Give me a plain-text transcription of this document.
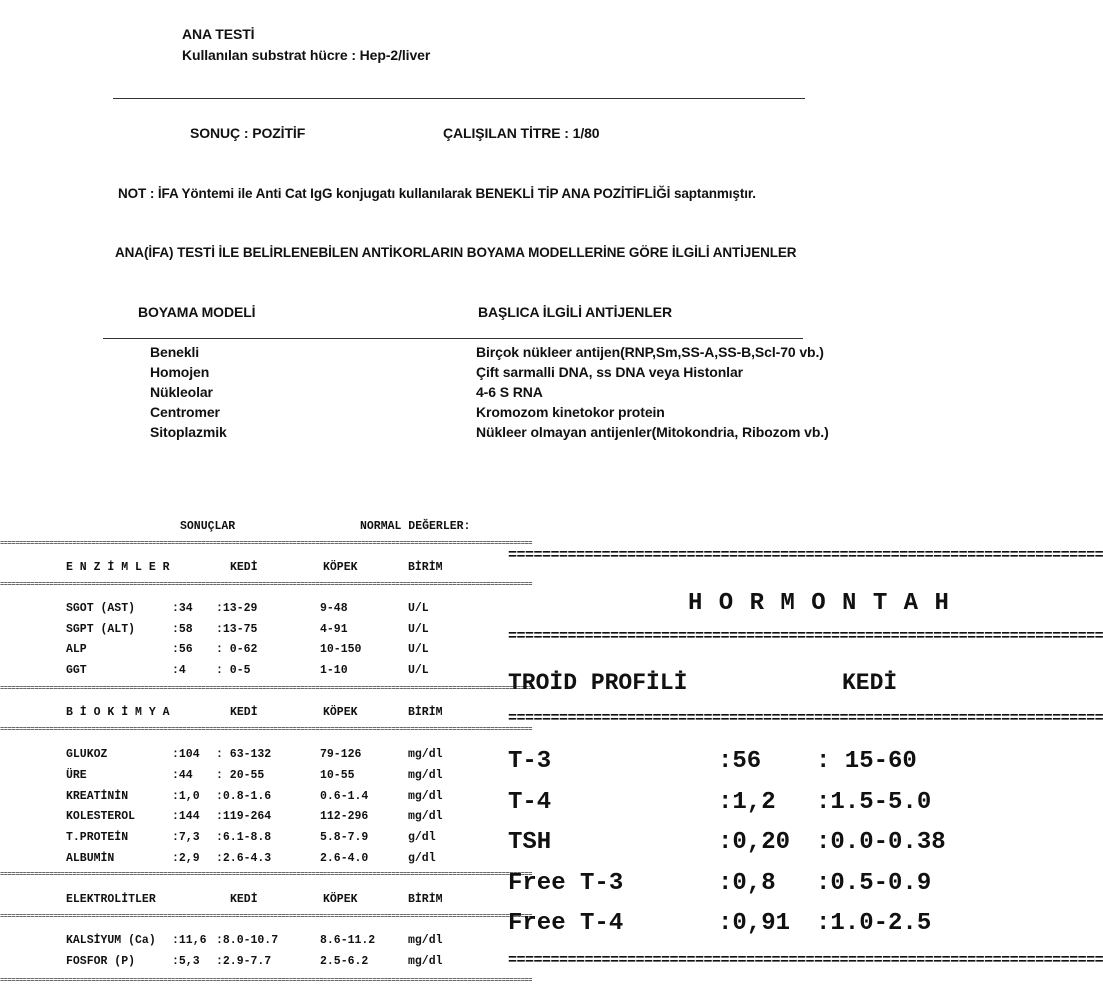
ANA TESTİ
Kullanılan substrat hücre : Hep-2/liver
SONUÇ : POZİTİF	ÇALIŞILAN TİTRE : 1/80
NOT : İFA Yöntemi ile Anti Cat IgG konjugatı kullanılarak BENEKLİ TİP ANA POZİTİFLİĞİ saptanmıştır.
ANA(İFA) TESTİ İLE BELİRLENEBİLEN ANTİKORLARIN BOYAMA MODELLERİNE GÖRE İLGİLİ ANTİJENLER
BOYAMA MODELİ	BAŞLICA İLGİLİ ANTİJENLER
Benekli	Birçok nükleer antijen(RNP,Sm,SS-A,SS-B,Scl-70 vb.)
Homojen	Çift sarmalli DNA, ss DNA veya Histonlar
Nükleolar	4-6 S RNA
Centromer	Kromozom kinetokor protein
Sitoplazmik	Nükleer olmayan antijenler(Mitokondria, Ribozom vb.)
SONUÇLAR	NORMAL DEĞERLER:
============================================================================================================================================
E N Z İ M L E R	KEDİ	KÖPEK	BİRİM
============================================================================================================================================
SGOT (AST)	:34 :13-29	9-48	U/L
SGPT (ALT)	:58 :13-75	4-91	U/L
ALP	:56 : 0-62	10-150	U/L
GGT	:4	: 0-5	1-10	U/L
============================================================================================================================================
B İ O K İ M Y A	KEDİ	KÖPEK	BİRİM
============================================================================================================================================
GLUKOZ	:104 : 63-132	79-126	mg/dl
ÜRE	:44 : 20-55	10-55	mg/dl
KREATİNİN	:1,0 :0.8-1.6	0.6-1.4	mg/dl
KOLESTEROL	:144 :119-264	112-296	mg/dl
T.PROTEİN	:7,3 :6.1-8.8	5.8-7.9	g/dl
ALBUMİN	:2,9 :2.6-4.3	2.6-4.0	g/dl
============================================================================================================================================
ELEKTROLİTLER	KEDİ	KÖPEK	BİRİM
============================================================================================================================================
KALSİYUM (Ca) :11,6 :8.0-10.7	8.6-11.2	mg/dl
FOSFOR (P)	:5,3 :2.9-7.7	2.5-6.2	mg/dl
============================================================================================================================================
======================================================================
H O R M O N T A H
======================================================================
TROİD PROFİLİ	KEDİ
======================================================================
T-3	:56 : 15-60
T-4	:1,2 :1.5-5.0
TSH	:0,20 :0.0-0.38
Free T-3	:0,8 :0.5-0.9
Free T-4	:0,91 :1.0-2.5
======================================================================
